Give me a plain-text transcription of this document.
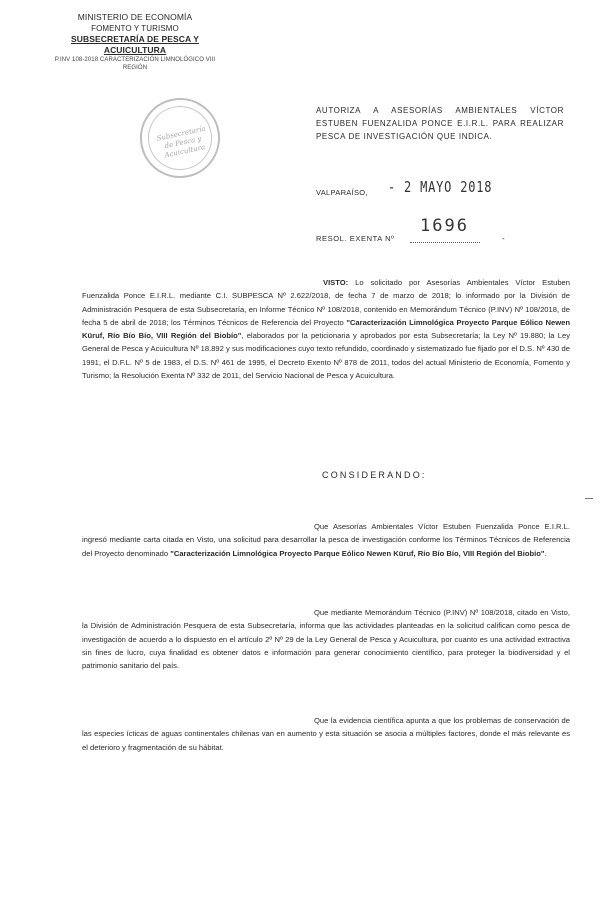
MINISTERIO DE ECONOMÍA
FOMENTO Y TURISMO
SUBSECRETARÍA DE PESCA Y ACUICULTURA
P.INV 108-2018 CARACTERIZACIÓN LIMNOLÓGICO VIII
REGIÓN
Subsecretaría de Pesca y Acuicultura
AUTORIZA A ASESORÍAS AMBIENTALES VÍCTOR ESTUBEN FUENZALIDA PONCE E.I.R.L. PARA REALIZAR PESCA DE INVESTIGACIÓN QUE INDICA.
VALPARAÍSO, - 2 MAYO 2018
RESOL. EXENTA Nº
1696
-
VISTO: Lo solicitado por Asesorías Ambientales Víctor Estuben Fuenzalida Ponce E.I.R.L. mediante C.I. SUBPESCA Nº 2.622/2018, de fecha 7 de marzo de 2018; lo informado por la División de Administración Pesquera de esta Subsecretaría, en Informe Técnico Nº 108/2018, contenido en Memorándum Técnico (P.INV) Nº 108/2018, de fecha 5 de abril de 2018; los Términos Técnicos de Referencia del Proyecto "Caracterización Limnológica Proyecto Parque Eólico Newen Küruf, Río Bío Bío, VIII Región del Biobío", elaborados por la peticionaria y aprobados por esta Subsecretaría; la Ley Nº 19.880; la Ley General de Pesca y Acuicultura Nº 18.892 y sus modificaciones cuyo texto refundido, coordinado y sistematizado fue fijado por el D.S. Nº 430 de 1991, el D.F.L. Nº 5 de 1983, el D.S. Nº 461 de 1995, el Decreto Exento Nº 878 de 2011, todos del actual Ministerio de Economía, Fomento y Turismo; la Resolución Exenta Nº 332 de 2011, del Servicio Nacional de Pesca y Acuicultura.
CONSIDERANDO:
Que Asesorías Ambientales Víctor Estuben Fuenzalida Ponce E.I.R.L. ingresó mediante carta citada en Visto, una solicitud para desarrollar la pesca de investigación conforme los Términos Técnicos de Referencia del Proyecto denominado "Caracterización Limnológica Proyecto Parque Eólico Newen Küruf, Río Bío Bío, VIII Región del Biobío".
Que mediante Memorándum Técnico (P.INV) Nº 108/2018, citado en Visto, la División de Administración Pesquera de esta Subsecretaría, informa que las actividades planteadas en la solicitud califican como pesca de investigación de acuerdo a lo dispuesto en el artículo 2º Nº 29 de la Ley General de Pesca y Acuicultura, por cuanto es una actividad extractiva sin fines de lucro, cuya finalidad es obtener datos e información para generar conocimiento científico, para proteger la biodiversidad y el patrimonio sanitario del país.
Que la evidencia científica apunta a que los problemas de conservación de las especies ícticas de aguas continentales chilenas van en aumento y esta situación se asocia a múltiples factores, donde el más relevante es el deterioro y fragmentación de su hábitat.
